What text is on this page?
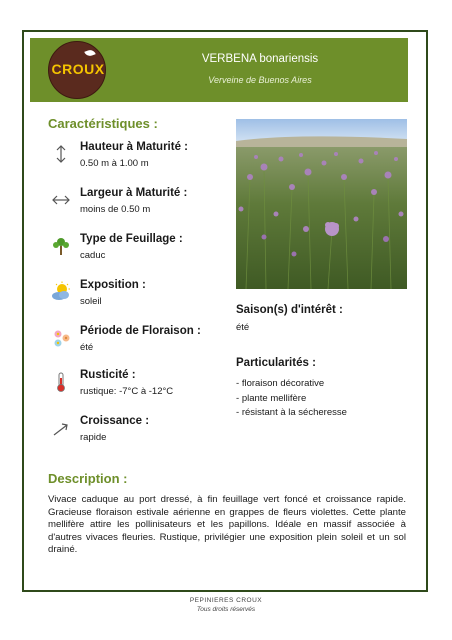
CROUX
VERBENA bonariensis
Verveine de Buenos Aires
Caractéristiques :
Hauteur à Maturité :
0.50 m à 1.00 m
Largeur à Maturité :
moins de 0.50 m
Type de Feuillage :
caduc
Exposition :
soleil
Période de Floraison :
été
Rusticité :
rustique: -7°C à -12°C
Croissance :
rapide
Saison(s) d'intérêt :
été
Particularités :
- floraison décorative
- plante mellifère
- résistant à la sécheresse
Description :
Vivace caduque au port dressé, à fin feuillage vert foncé et croissance rapide. Gracieuse floraison estivale aérienne en grappes de fleurs violettes. Cette plante mellifère attire les pollinisateurs et les papillons. Idéale en massif associée à d'autres vivaces fleuries. Rustique, privilégier une exposition plein soleil et un sol drainé.
PEPINIERES CROUX
Tous droits réservés
